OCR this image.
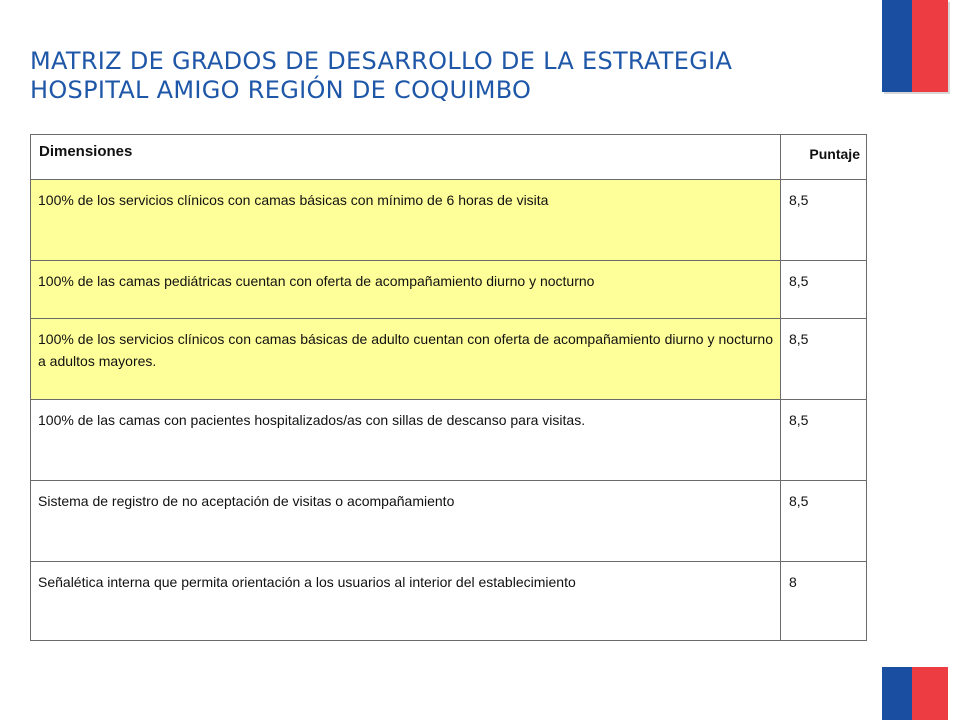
MATRIZ DE GRADOS DE DESARROLLO DE LA ESTRATEGIA
HOSPITAL AMIGO REGIÓN DE COQUIMBO
Dimensiones	Puntaje
100% de los servicios clínicos con camas básicas con mínimo de 6 horas de visita	8,5
100% de las camas pediátricas cuentan con oferta de acompañamiento diurno y nocturno	8,5
100% de los servicios clínicos con camas básicas de adulto cuentan con oferta de acompañamiento diurno y nocturno a adultos mayores.	8,5
100% de las camas con pacientes hospitalizados/as con sillas de descanso para visitas.	8,5
Sistema de registro de no aceptación de visitas o acompañamiento	8,5
Señalética interna que permita orientación a los usuarios al interior del establecimiento	8
